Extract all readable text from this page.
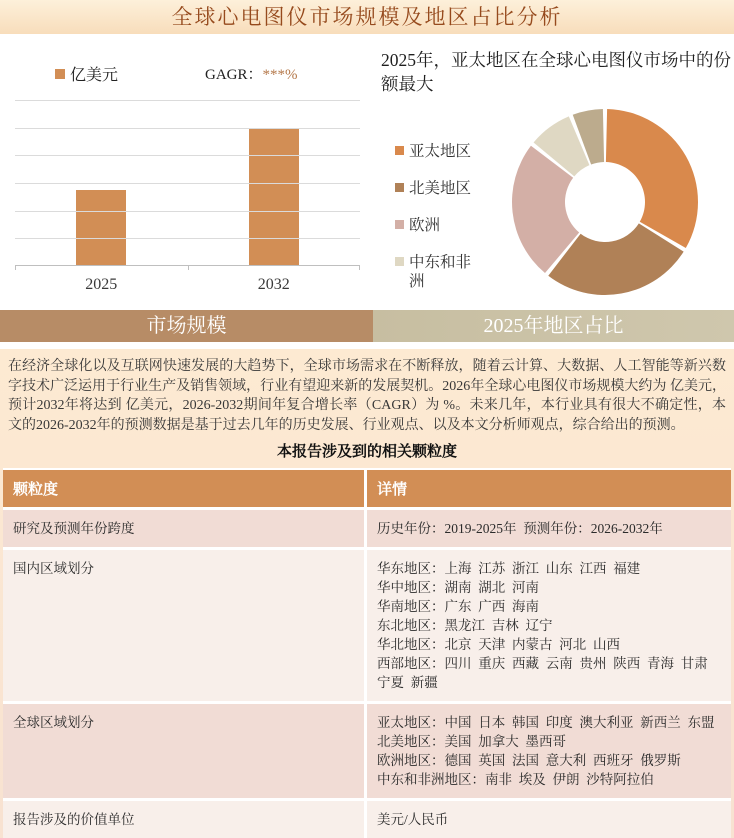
全球心电图仪市场规模及地区占比分析
亿美元	GAGR：***%
2025	2032
2025年，亚太地区在全球心电图仪市场中的份额最大
亚太地区
北美地区
欧洲
中东和非洲
市场规模	2025年地区占比
在经济全球化以及互联网快速发展的大趋势下，全球市场需求在不断释放，随着云计算、大数据、人工智能等新兴数字技术广泛运用于行业生产及销售领域，行业有望迎来新的发展契机。2026年全球心电图仪市场规模大约为 亿美元，预计2032年将达到 亿美元，2026-2032期间年复合增长率（CAGR）为 %。未来几年，本行业具有很大不确定性，本文的2026-2032年的预测数据是基于过去几年的历史发展、行业观点、以及本文分析师观点，综合给出的预测。
本报告涉及到的相关颗粒度
颗粒度	详情
研究及预测年份跨度	历史年份：2019-2025年  预测年份：2026-2032年
国内区域划分	华东地区：上海  江苏  浙江  山东  江西  福建
华中地区：湖南  湖北  河南
华南地区：广东  广西  海南
东北地区：黑龙江  吉林  辽宁
华北地区：北京  天津  内蒙古  河北  山西
西部地区：四川  重庆  西藏  云南  贵州  陕西  青海  甘肃  宁夏  新疆
全球区域划分	亚太地区：中国  日本  韩国  印度  澳大利亚  新西兰  东盟
北美地区：美国  加拿大  墨西哥
欧洲地区：德国  英国  法国  意大利  西班牙  俄罗斯
中东和非洲地区：南非  埃及  伊朗  沙特阿拉伯
报告涉及的价值单位	美元/人民币
